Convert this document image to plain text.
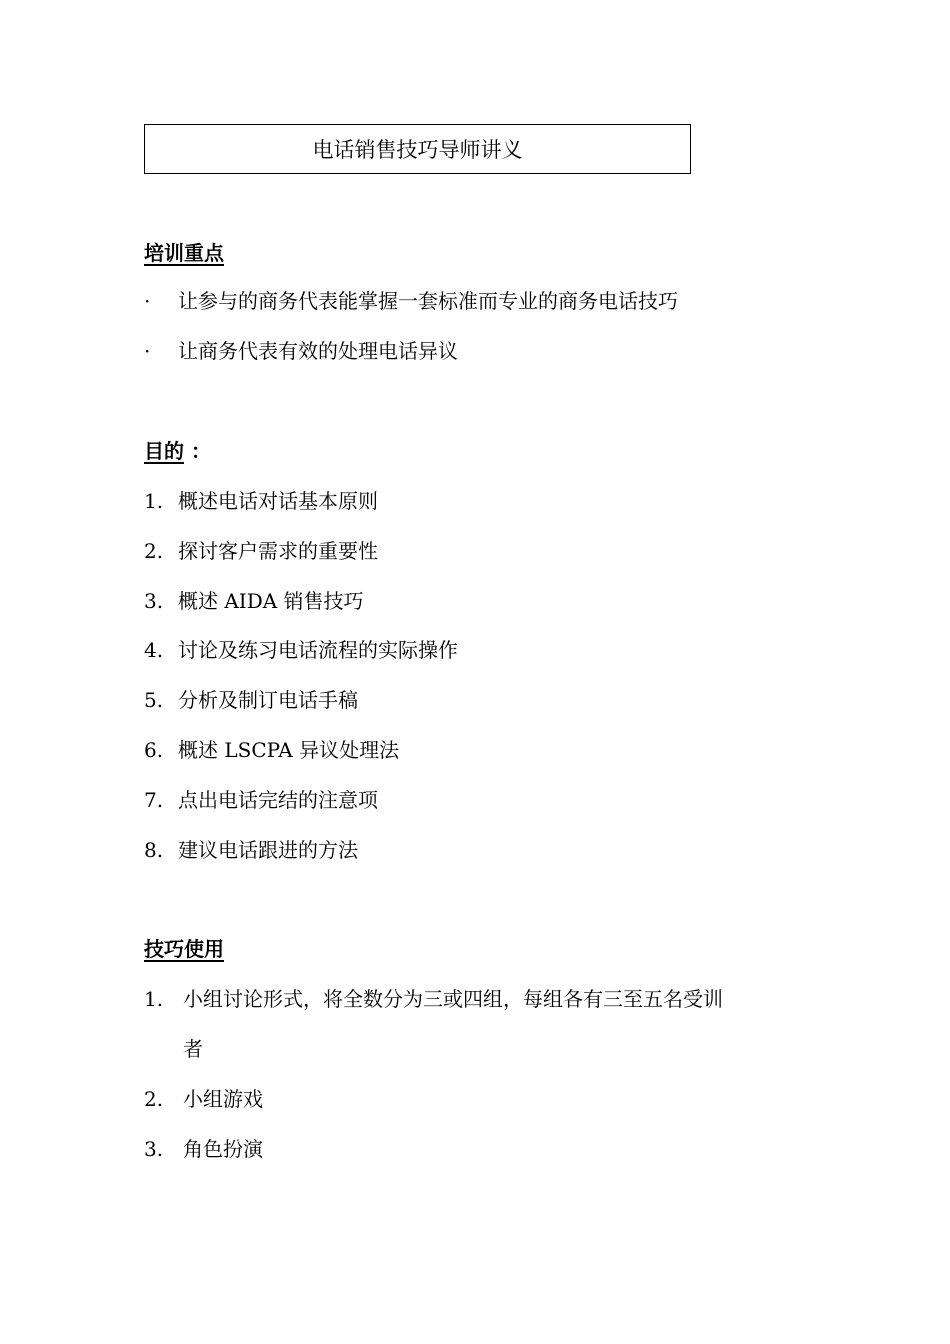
电话销售技巧导师讲义
培训重点
· 让参与的商务代表能掌握一套标准而专业的商务电话技巧
· 让商务代表有效的处理电话异议
目的 ：
1. 概述电话对话基本原则
2. 探讨客户需求的重要性
3. 概述 AIDA 销售技巧
4. 讨论及练习电话流程的实际操作
5. 分析及制订电话手稿
6. 概述 LSCPA 异议处理法
7. 点出电话完结的注意项
8. 建议电话跟进的方法
技巧使用
1. 小组讨论形式，将全数分为三或四组，每组各有三至五名受训
者
2. 小组游戏
3. 角色扮演
